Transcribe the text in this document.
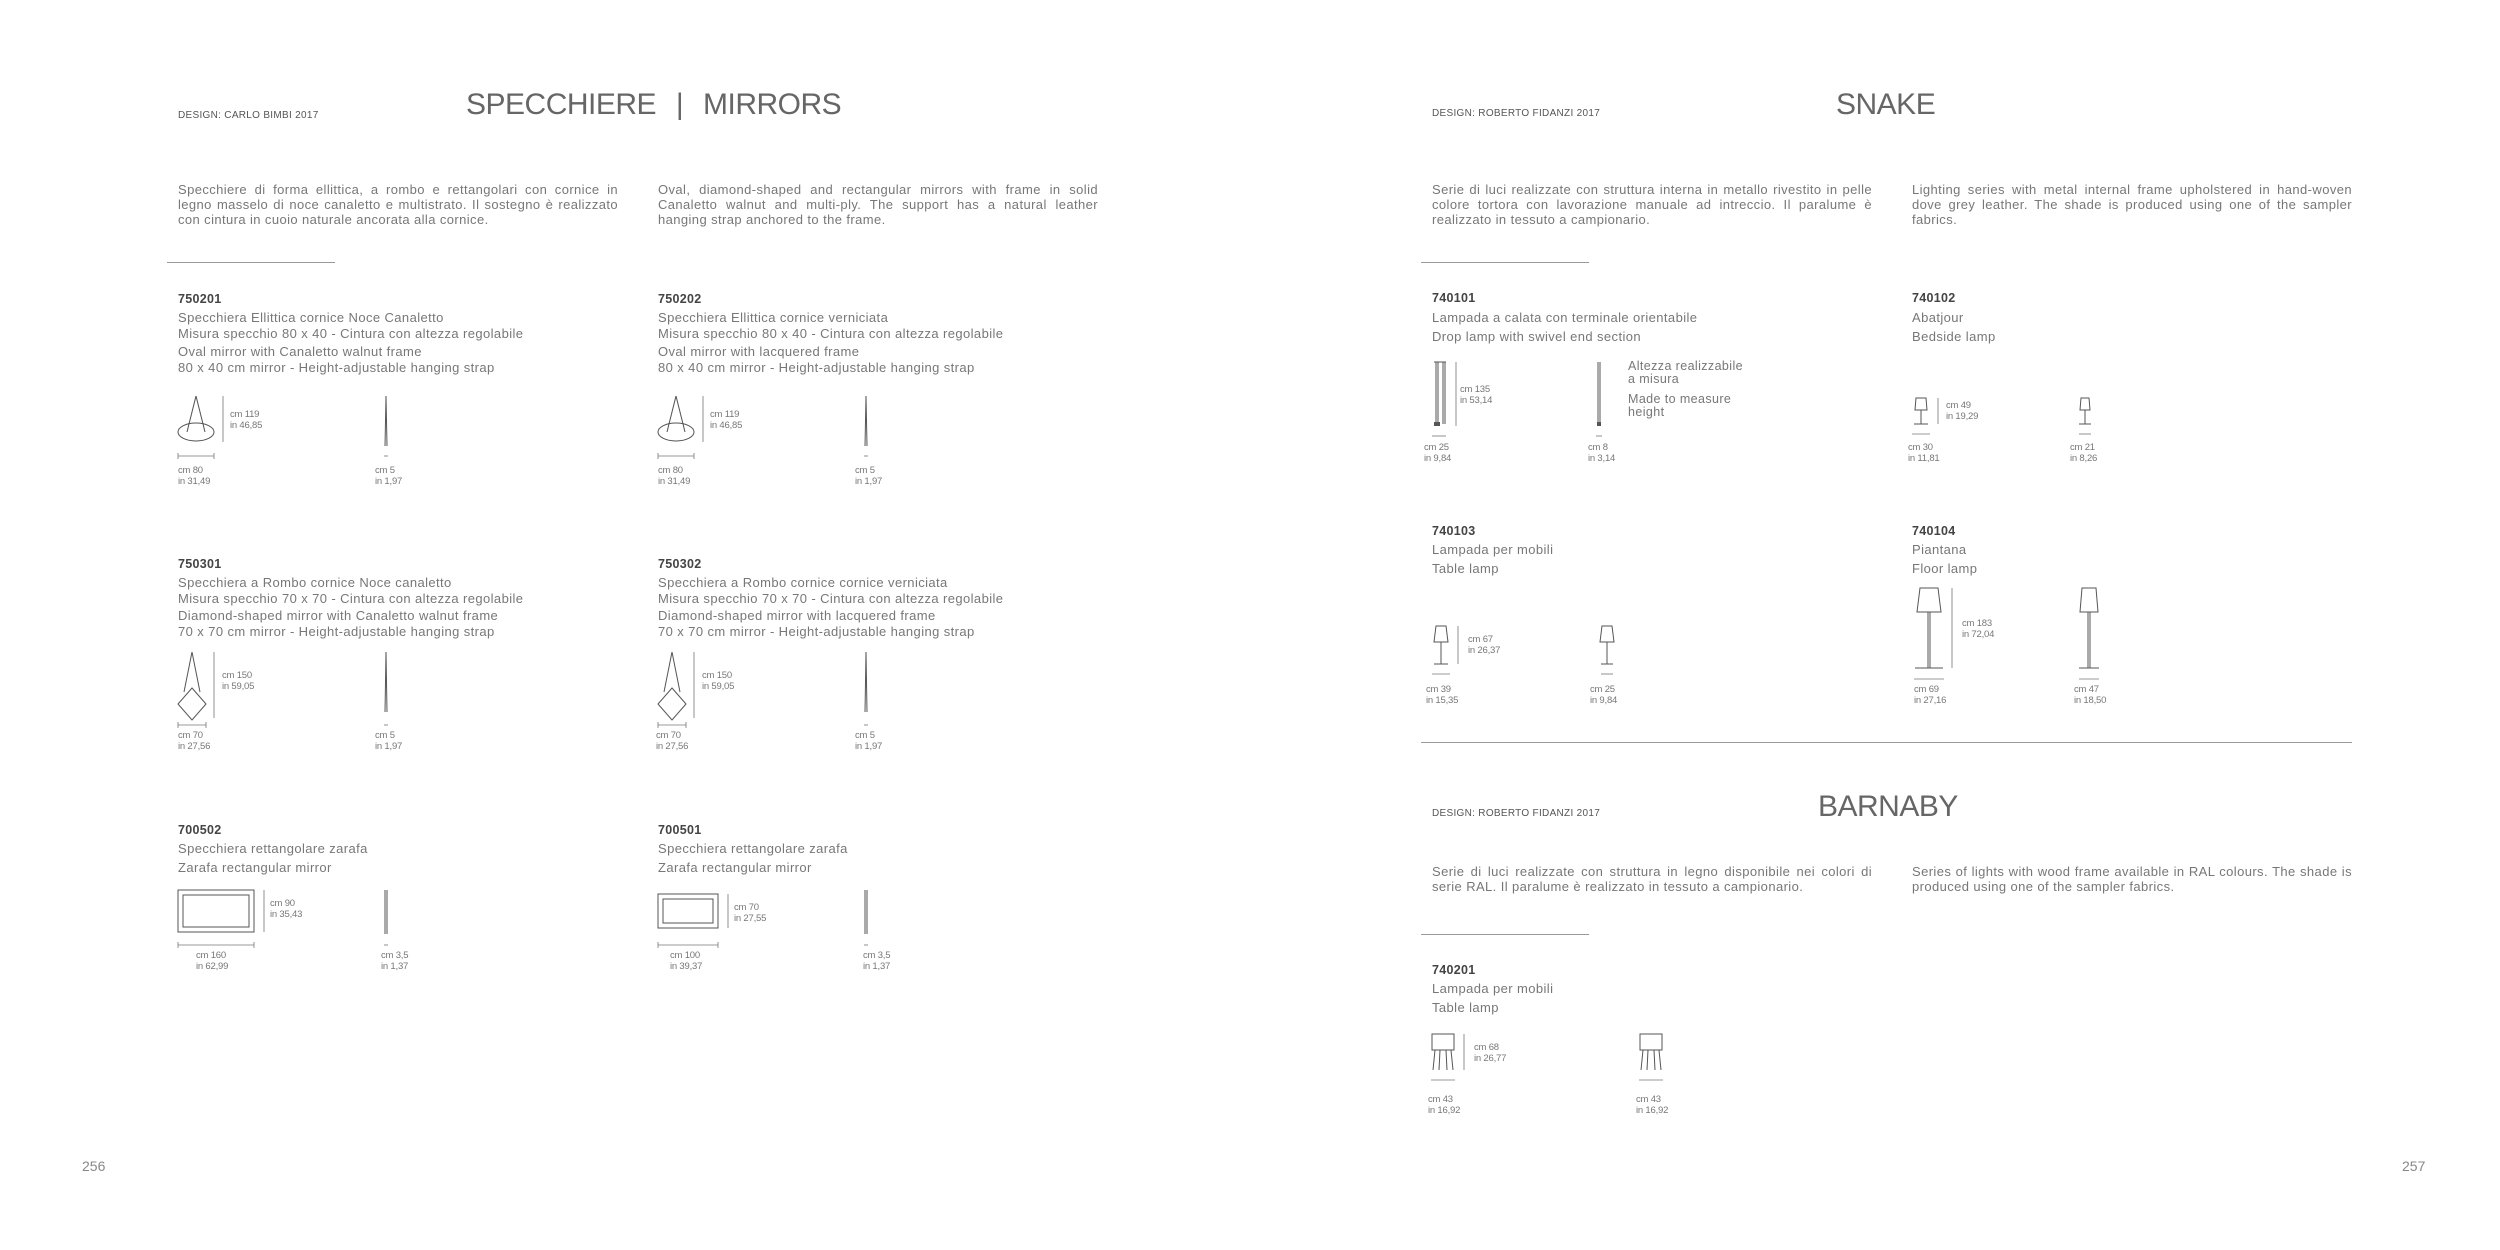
DESIGN: CARLO BIMBI 2017	SPECCHIERE | MIRRORS
Specchiere di forma ellittica, a rombo e rettangolari con cornice in legno masselo di noce canaletto e multistrato. Il sostegno è realizzato con cintura in cuoio naturale ancorata alla cornice.
Oval, diamond-shaped and rectangular mirrors with frame in solid Canaletto walnut and multi-ply. The support has a natural leather hanging strap anchored to the frame.
750201
Specchiera Ellittica cornice Noce Canaletto
Misura specchio 80 x 40 - Cintura con altezza regolabile
Oval mirror with Canaletto walnut frame
80 x 40 cm mirror - Height-adjustable hanging strap
cm 119
in 46,85
cm 80
in 31,49
cm 5
in 1,97
750202
Specchiera Ellittica cornice verniciata
Misura specchio 80 x 40 - Cintura con altezza regolabile
Oval mirror with lacquered frame
80 x 40 cm mirror - Height-adjustable hanging strap
cm 119
in 46,85
cm 80
in 31,49
cm 5
in 1,97
750301
Specchiera a Rombo cornice Noce canaletto
Misura specchio 70 x 70 - Cintura con altezza regolabile
Diamond-shaped mirror with Canaletto walnut frame
70 x 70 cm mirror - Height-adjustable hanging strap
cm 150
in 59,05
cm 70
in 27,56
cm 5
in 1,97
750302
Specchiera a Rombo cornice cornice verniciata
Misura specchio 70 x 70 - Cintura con altezza regolabile
Diamond-shaped mirror with lacquered frame
70 x 70 cm mirror - Height-adjustable hanging strap
cm 150
in 59,05
cm 70
in 27,56
cm 5
in 1,97
700502
Specchiera rettangolare zarafa
Zarafa rectangular mirror
cm 90
in 35,43
cm 160
in 62,99
cm 3,5
in 1,37
700501
Specchiera rettangolare zarafa
Zarafa rectangular mirror
cm 70
in 27,55
cm 100
in 39,37
cm 3,5
in 1,37
256
DESIGN: ROBERTO FIDANZI 2017	SNAKE
Serie di luci realizzate con struttura interna in metallo rivestito in pelle colore tortora con lavorazione manuale ad intreccio. Il paralume è realizzato in tessuto a campionario.
Lighting series with metal internal frame upholstered in hand-woven dove grey leather. The shade is produced using one of the sampler fabrics.
740101
Lampada a calata con terminale orientabile
Drop lamp with swivel end section
cm 135
in 53,14
cm 25
in 9,84
cm 8
in 3,14
Altezza realizzabile
a misura
Made to measure
height
740102
Abatjour
Bedside lamp
cm 49
in 19,29
cm 30
in 11,81
cm 21
in 8,26
740103
Lampada per mobili
Table lamp
cm 67
in 26,37
cm 39
in 15,35
cm 25
in 9,84
740104
Piantana
Floor lamp
cm 183
in 72,04
cm 69
in 27,16
cm 47
in 18,50
DESIGN: ROBERTO FIDANZI 2017	BARNABY
Serie di luci realizzate con struttura in legno disponibile nei colori di serie RAL. Il paralume è realizzato in tessuto a campionario.
Series of lights with wood frame available in RAL colours. The shade is produced using one of the sampler fabrics.
740201
Lampada per mobili
Table lamp
cm 68
in 26,77
cm 43
in 16,92
cm 43
in 16,92
257
